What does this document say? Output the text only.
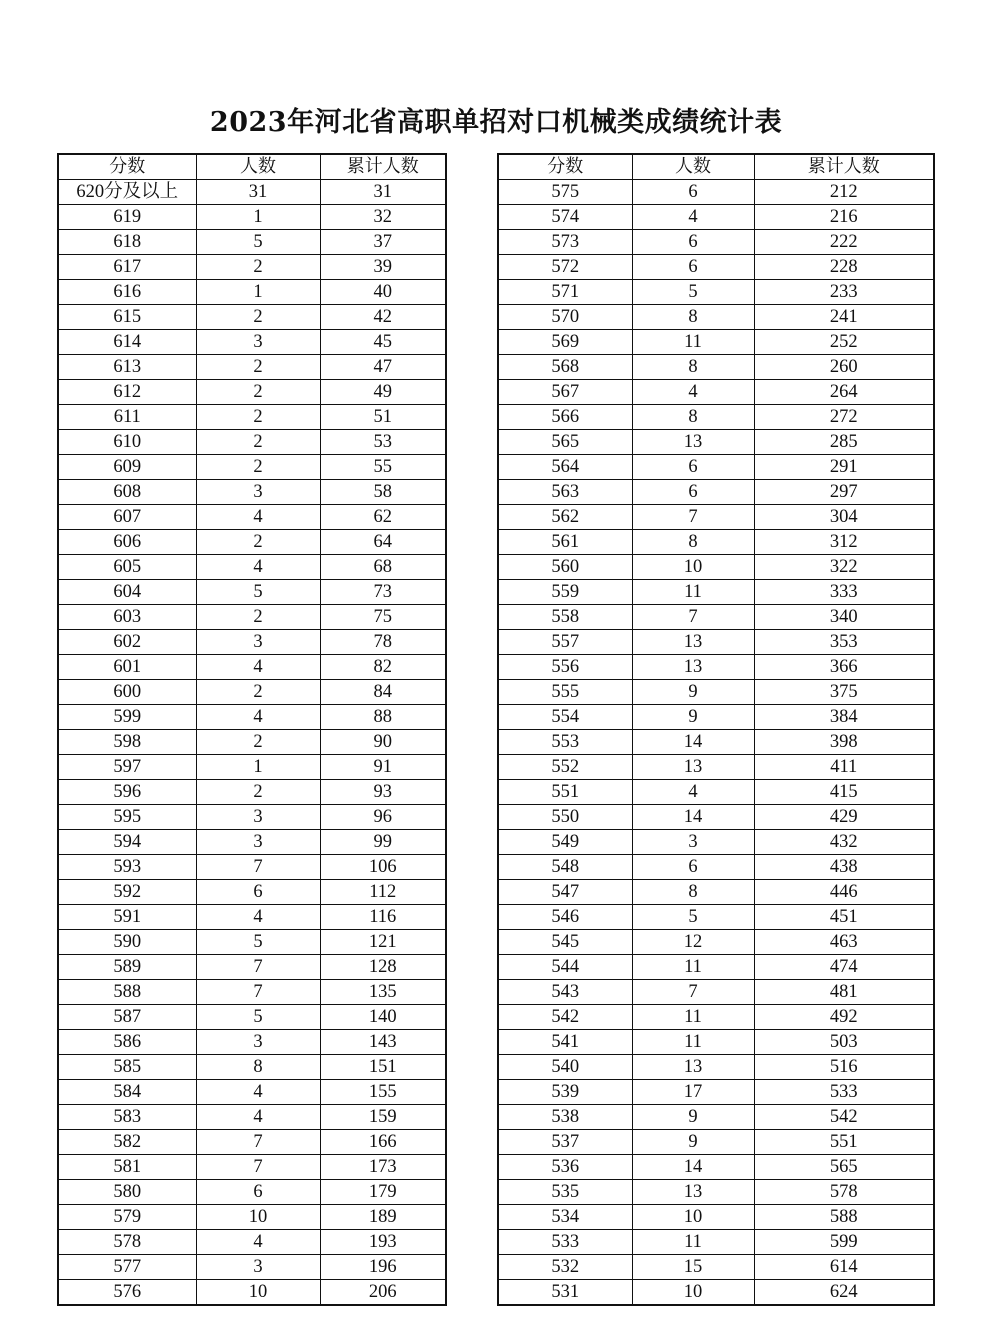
2023年河北省高职单招对口机械类成绩统计表
分数	人数	累计人数
620分及以上	31	31
619	1	32
618	5	37
617	2	39
616	1	40
615	2	42
614	3	45
613	2	47
612	2	49
611	2	51
610	2	53
609	2	55
608	3	58
607	4	62
606	2	64
605	4	68
604	5	73
603	2	75
602	3	78
601	4	82
600	2	84
599	4	88
598	2	90
597	1	91
596	2	93
595	3	96
594	3	99
593	7	106
592	6	112
591	4	116
590	5	121
589	7	128
588	7	135
587	5	140
586	3	143
585	8	151
584	4	155
583	4	159
582	7	166
581	7	173
580	6	179
579	10	189
578	4	193
577	3	196
576	10	206
分数	人数	累计人数
575	6	212
574	4	216
573	6	222
572	6	228
571	5	233
570	8	241
569	11	252
568	8	260
567	4	264
566	8	272
565	13	285
564	6	291
563	6	297
562	7	304
561	8	312
560	10	322
559	11	333
558	7	340
557	13	353
556	13	366
555	9	375
554	9	384
553	14	398
552	13	411
551	4	415
550	14	429
549	3	432
548	6	438
547	8	446
546	5	451
545	12	463
544	11	474
543	7	481
542	11	492
541	11	503
540	13	516
539	17	533
538	9	542
537	9	551
536	14	565
535	13	578
534	10	588
533	11	599
532	15	614
531	10	624
